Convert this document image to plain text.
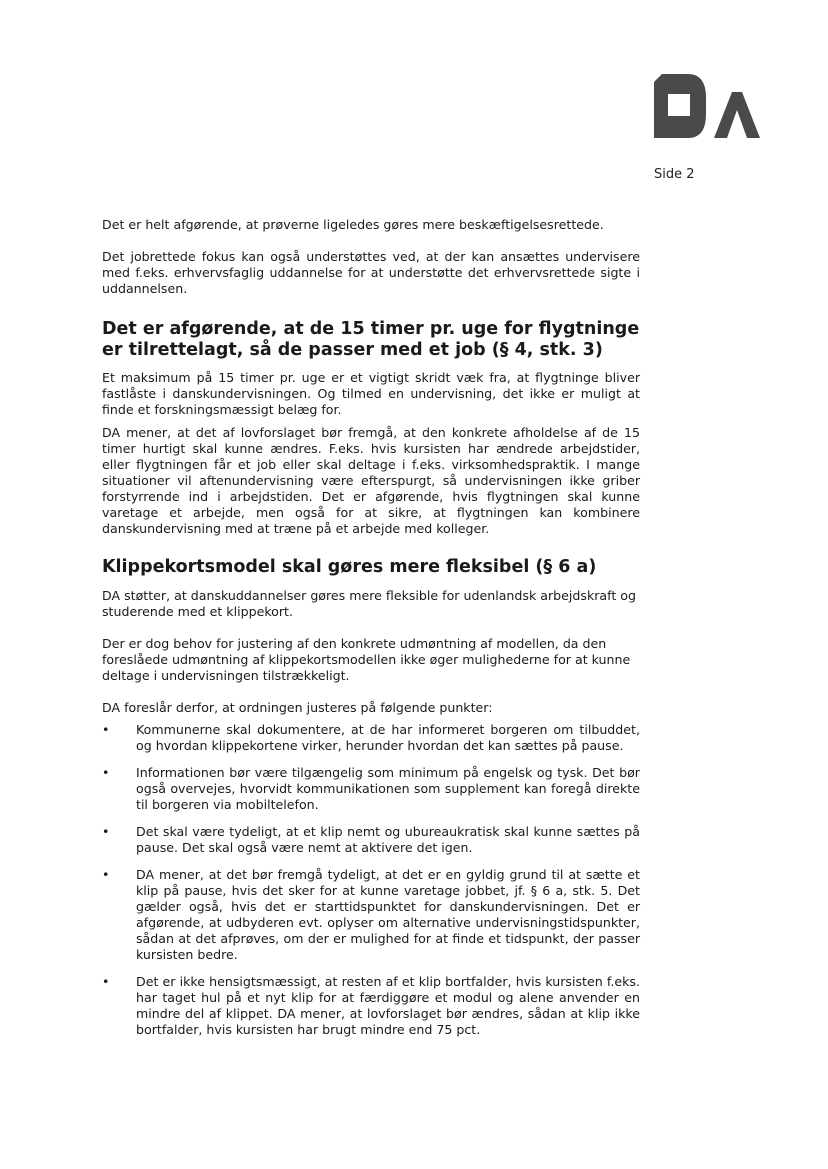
Side 2

Det er helt afgørende, at prøverne ligeledes gøres mere beskæftigelsesrettede.

Det jobrettede fokus kan også understøttes ved, at der kan ansættes undervisere med f.eks. erhvervsfaglig uddannelse for at understøtte det erhvervsrettede sigte i uddannelsen.

Det er afgørende, at de 15 timer pr. uge for flygtninge er tilrettelagt, så de passer med et job (§ 4, stk. 3)

Et maksimum på 15 timer pr. uge er et vigtigt skridt væk fra, at flygtninge bliver fastlåste i danskundervisningen. Og tilmed en undervisning, det ikke er muligt at finde et forskningsmæssigt belæg for.

DA mener, at det af lovforslaget bør fremgå, at den konkrete afholdelse af de 15 timer hurtigt skal kunne ændres. F.eks. hvis kursisten har ændrede arbejdstider, eller flygtningen får et job eller skal deltage i f.eks. virksomhedspraktik. I mange situationer vil aftenundervisning være efterspurgt, så undervisningen ikke griber forstyrrende ind i arbejdstiden. Det er afgørende, hvis flygtningen skal kunne varetage et arbejde, men også for at sikre, at flygtningen kan kombinere danskundervisning med at træne på et arbejde med kolleger.

Klippekortsmodel skal gøres mere fleksibel (§ 6 a)

DA støtter, at danskuddannelser gøres mere fleksible for udenlandsk arbejdskraft og studerende med et klippekort.

Der er dog behov for justering af den konkrete udmøntning af modellen, da den foreslåede udmøntning af klippekortsmodellen ikke øger mulighederne for at kunne deltage i undervisningen tilstrækkeligt.

DA foreslår derfor, at ordningen justeres på følgende punkter:

• Kommunerne skal dokumentere, at de har informeret borgeren om tilbuddet, og hvordan klippekortene virker, herunder hvordan det kan sættes på pause.
• Informationen bør være tilgængelig som minimum på engelsk og tysk. Det bør også overvejes, hvorvidt kommunikationen som supplement kan foregå direkte til borgeren via mobiltelefon.
• Det skal være tydeligt, at et klip nemt og ubureaukratisk skal kunne sættes på pause. Det skal også være nemt at aktivere det igen.
• DA mener, at det bør fremgå tydeligt, at det er en gyldig grund til at sætte et klip på pause, hvis det sker for at kunne varetage jobbet, jf. § 6 a, stk. 5. Det gælder også, hvis det er starttidspunktet for danskundervisningen. Det er afgørende, at udbyderen evt. oplyser om alternative undervisningstidspunkter, sådan at det afprøves, om der er mulighed for at finde et tidspunkt, der passer kursisten bedre.
• Det er ikke hensigtsmæssigt, at resten af et klip bortfalder, hvis kursisten f.eks. har taget hul på et nyt klip for at færdiggøre et modul og alene anvender en mindre del af klippet. DA mener, at lovforslaget bør ændres, sådan at klip ikke bortfalder, hvis kursisten har brugt mindre end 75 pct.
